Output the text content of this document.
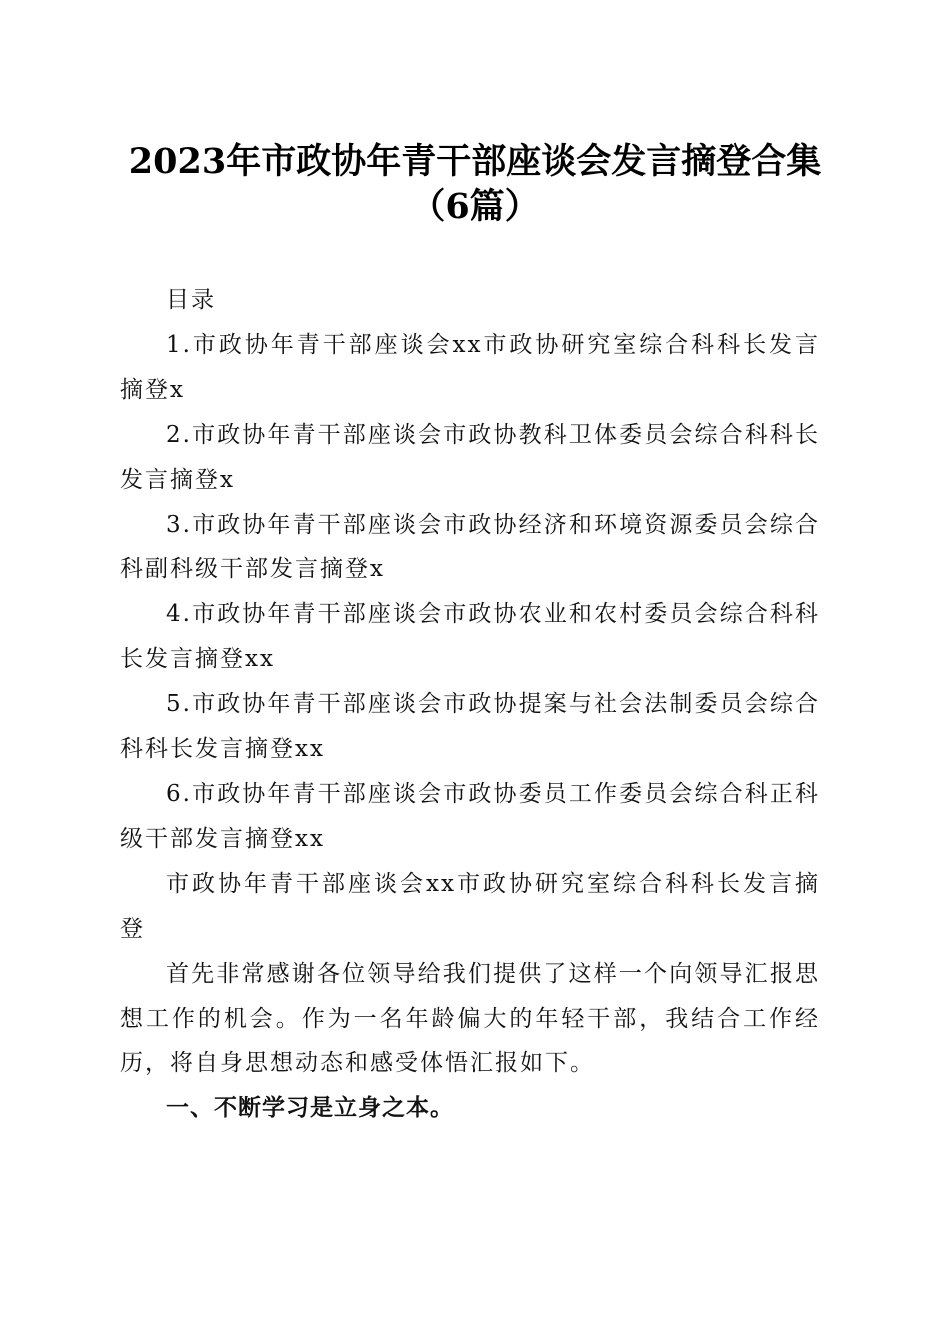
2023年市政协年青干部座谈会发言摘登合集
（6篇）

目录

1.市政协年青干部座谈会xx市政协研究室综合科科长发言摘登x

2.市政协年青干部座谈会市政协教科卫体委员会综合科科长发言摘登x

3.市政协年青干部座谈会市政协经济和环境资源委员会综合科副科级干部发言摘登x

4.市政协年青干部座谈会市政协农业和农村委员会综合科科长发言摘登xx

5.市政协年青干部座谈会市政协提案与社会法制委员会综合科科长发言摘登xx

6.市政协年青干部座谈会市政协委员工作委员会综合科正科级干部发言摘登xx

市政协年青干部座谈会xx市政协研究室综合科科长发言摘登

首先非常感谢各位领导给我们提供了这样一个向领导汇报思想工作的机会。作为一名年龄偏大的年轻干部，我结合工作经历，将自身思想动态和感受体悟汇报如下。

一、不断学习是立身之本。
